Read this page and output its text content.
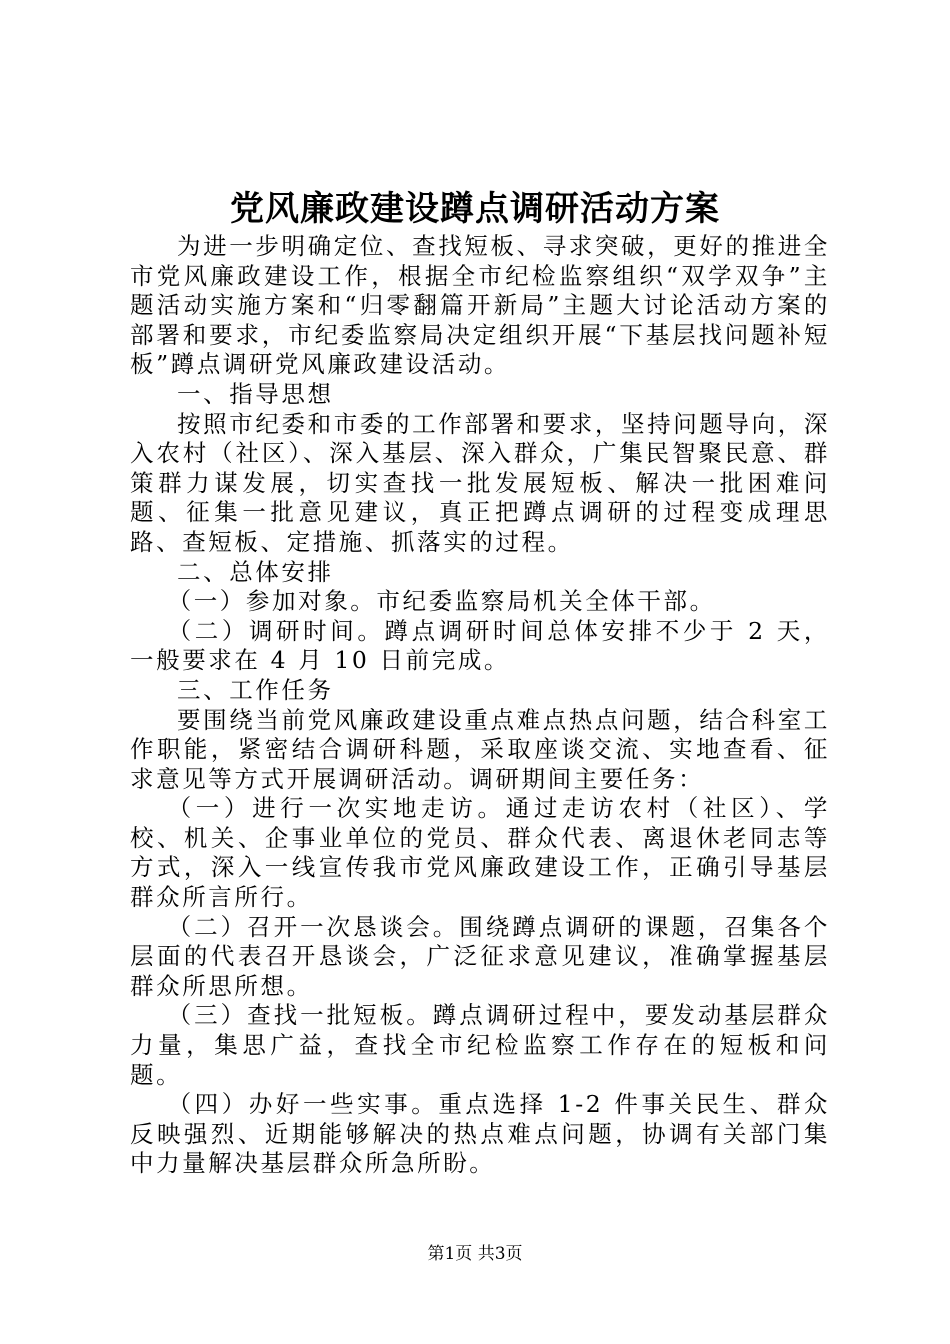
党风廉政建设蹲点调研活动方案

为进一步明确定位、查找短板、寻求突破，更好的推进全市党风廉政建设工作，根据全市纪检监察组织“双学双争”主题活动实施方案和“归零翻篇开新局”主题大讨论活动方案的部署和要求，市纪委监察局决定组织开展“下基层找问题补短板”蹲点调研党风廉政建设活动。

一、指导思想

按照市纪委和市委的工作部署和要求，坚持问题导向，深入农村（社区）、深入基层、深入群众，广集民智聚民意、群策群力谋发展，切实查找一批发展短板、解决一批困难问题、征集一批意见建议，真正把蹲点调研的过程变成理思路、查短板、定措施、抓落实的过程。

二、总体安排

（一）参加对象。市纪委监察局机关全体干部。

（二）调研时间。蹲点调研时间总体安排不少于 2 天，一般要求在 4 月 10 日前完成。

三、工作任务

要围绕当前党风廉政建设重点难点热点问题，结合科室工作职能，紧密结合调研科题，采取座谈交流、实地查看、征求意见等方式开展调研活动。调研期间主要任务：

（一）进行一次实地走访。通过走访农村（社区）、学校、机关、企事业单位的党员、群众代表、离退休老同志等方式，深入一线宣传我市党风廉政建设工作，正确引导基层群众所言所行。

（二）召开一次恳谈会。围绕蹲点调研的课题，召集各个层面的代表召开恳谈会，广泛征求意见建议，准确掌握基层群众所思所想。

（三）查找一批短板。蹲点调研过程中，要发动基层群众力量，集思广益，查找全市纪检监察工作存在的短板和问题。

（四）办好一些实事。重点选择 1-2 件事关民生、群众反映强烈、近期能够解决的热点难点问题，协调有关部门集中力量解决基层群众所急所盼。

第1页 共3页
